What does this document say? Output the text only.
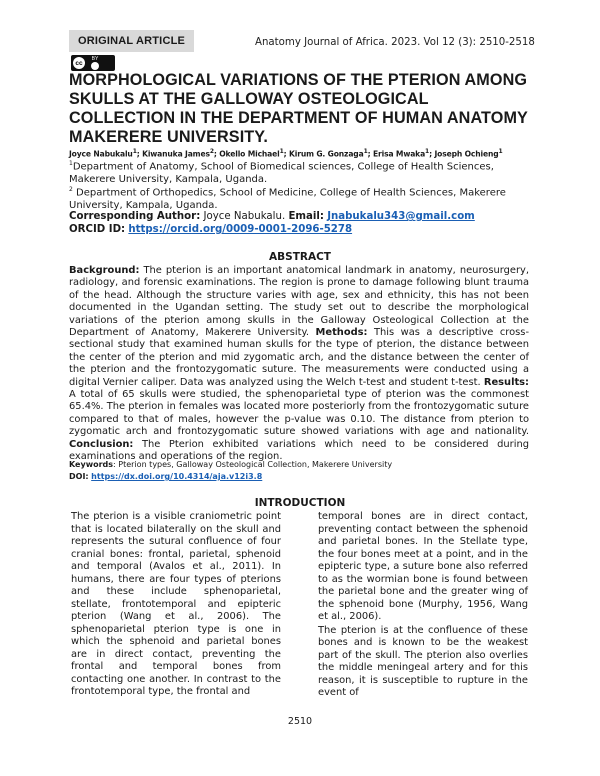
ORIGINAL ARTICLE	Anatomy Journal of Africa. 2023. Vol 12 (3): 2510-2518
cc
BY
MORPHOLOGICAL VARIATIONS OF THE PTERION AMONG SKULLS AT THE GALLOWAY OSTEOLOGICAL COLLECTION IN THE DEPARTMENT OF HUMAN ANATOMY MAKERERE UNIVERSITY.
Joyce Nabukalu$^1$; Kiwanuka James$^2$; Okello Michael$^1$; Kirum G. Gonzaga$^1$; Erisa Mwaka$^1$; Joseph Ochieng$^1$
$^1$Department of Anatomy, School of Biomedical sciences, College of Health Sciences, Makerere University, Kampala, Uganda.
$^2$ Department of Orthopedics, School of Medicine, College of Health Sciences, Makerere University, Kampala, Uganda.
Corresponding Author: Joyce Nabukalu. Email: Jnabukalu343@gmail.com
ORCID ID: https://orcid.org/0009-0001-2096-5278
ABSTRACT

Background: The pterion is an important anatomical landmark in anatomy, neurosurgery, radiology, and forensic examinations. The region is prone to damage following blunt trauma of the head. Although the structure varies with age, sex and ethnicity, this has not been documented in the Ugandan setting. The study set out to describe the morphological variations of the pterion among skulls in the Galloway Osteological Collection at the Department of Anatomy, Makerere University. Methods: This was a descriptive cross-sectional study that examined human skulls for the type of pterion, the distance between the center of the pterion and mid zygomatic arch, and the distance between the center of the pterion and the frontozygomatic suture. The measurements were conducted using a digital Vernier caliper. Data was analyzed using the Welch t-test and student t-test. Results: A total of 65 skulls were studied, the sphenoparietal type of pterion was the commonest 65.4%. The pterion in females was located more posteriorly from the frontozygomatic suture compared to that of males, however the p-value was 0.10. The distance from pterion to zygomatic arch and frontozygomatic suture showed variations with age and nationality. Conclusion: The Pterion exhibited variations which need to be considered during examinations and operations of the region.

Keywords: Pterion types, Galloway Osteological Collection, Makerere University
DOI: https://dx.doi.org/10.4314/aja.v12i3.8
INTRODUCTION

The pterion is a visible craniometric point that is located bilaterally on the skull and represents the sutural confluence of four cranial bones: frontal, parietal, sphenoid and temporal (Avalos et al., 2011). In humans, there are four types of pterions and these include sphenoparietal, stellate, frontotemporal and epipteric pterion (Wang et al., 2006). The sphenoparietal pterion type is one in which the sphenoid and parietal bones are in direct contact, preventing the frontal and temporal bones from contacting one another. In contrast to the frontotemporal type, the frontal and

temporal bones are in direct contact, preventing contact between the sphenoid and parietal bones. In the Stellate type, the four bones meet at a point, and in the epipteric type, a suture bone also referred to as the wormian bone is found between the parietal bone and the greater wing of the sphenoid bone (Murphy, 1956, Wang et al., 2006).

The pterion is at the confluence of these bones and is known to be the weakest part of the skull. The pterion also overlies the middle meningeal artery and for this reason, it is susceptible to rupture in the event of

2510
